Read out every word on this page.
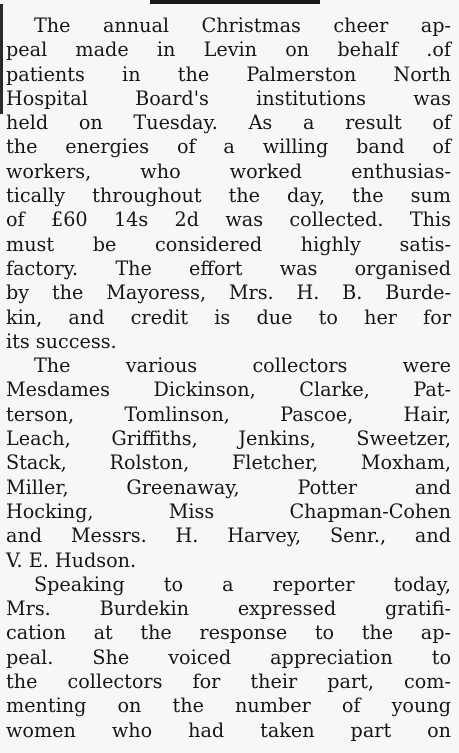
The annual Christmas cheer ap-
peal made in Levin on behalf .of
patients in the Palmerston North
Hospital Board's institutions was
held on Tuesday. As a result of
the energies of a willing band of
workers, who worked enthusias-
tically throughout the day, the sum
of £60 14s 2d was collected. This
must be considered highly satis-
factory. The effort was organised
by the Mayoress, Mrs. H. B. Burde-
kin, and credit is due to her for
its success.
The various collectors were
Mesdames Dickinson, Clarke, Pat-
terson, Tomlinson, Pascoe, Hair,
Leach, Griffiths, Jenkins, Sweetzer,
Stack, Rolston, Fletcher, Moxham,
Miller, Greenaway, Potter and
Hocking, Miss Chapman-Cohen
and Messrs. H. Harvey, Senr., and
V. E. Hudson.
Speaking to a reporter today,
Mrs. Burdekin expressed gratifi-
cation at the response to the ap-
peal. She voiced appreciation to
the collectors for their part, com-
menting on the number of young
women who had taken part on
